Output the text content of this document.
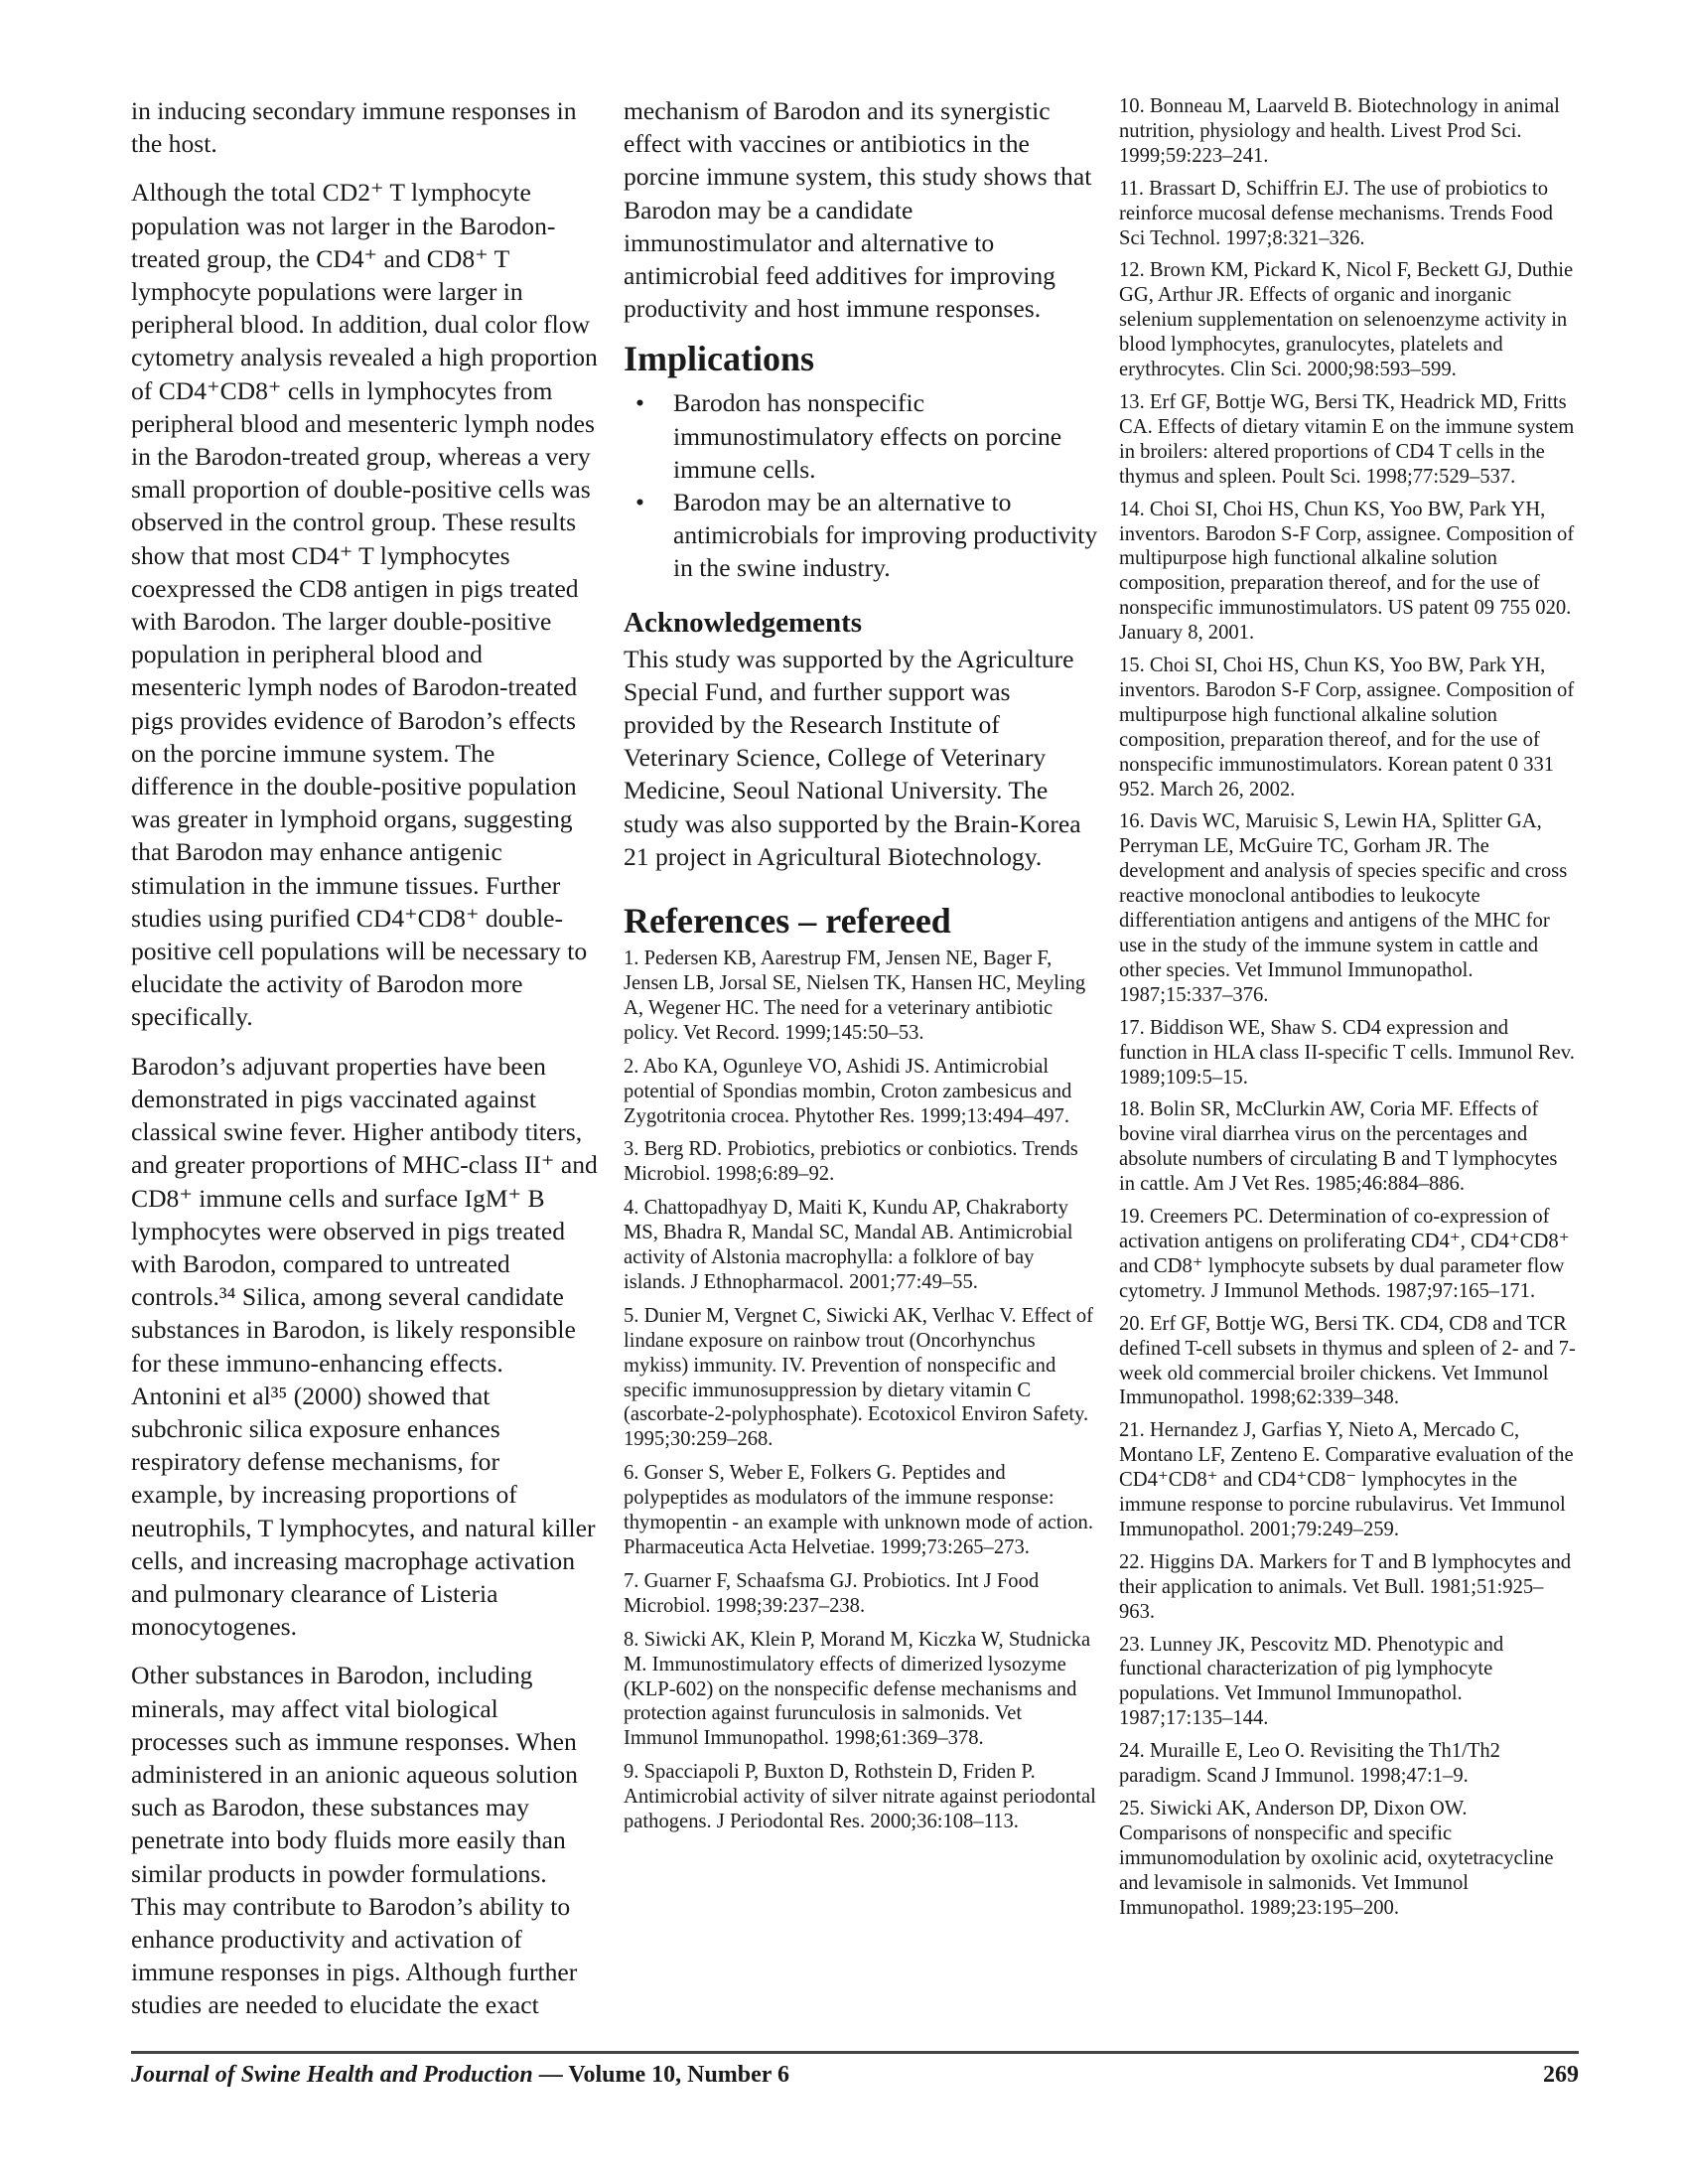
in inducing secondary immune responses in the host.

Although the total CD2⁺ T lymphocyte population was not larger in the Barodon-treated group, the CD4⁺ and CD8⁺ T lymphocyte populations were larger in peripheral blood. In addition, dual color flow cytometry analysis revealed a high proportion of CD4⁺CD8⁺ cells in lymphocytes from peripheral blood and mesenteric lymph nodes in the Barodon-treated group, whereas a very small proportion of double-positive cells was observed in the control group. These results show that most CD4⁺ T lymphocytes coexpressed the CD8 antigen in pigs treated with Barodon. The larger double-positive population in peripheral blood and mesenteric lymph nodes of Barodon-treated pigs provides evidence of Barodon’s effects on the porcine immune system. The difference in the double-positive population was greater in lymphoid organs, suggesting that Barodon may enhance antigenic stimulation in the immune tissues. Further studies using purified CD4⁺CD8⁺ double-positive cell populations will be necessary to elucidate the activity of Barodon more specifically.

Barodon’s adjuvant properties have been demonstrated in pigs vaccinated against classical swine fever. Higher antibody titers, and greater proportions of MHC-class II⁺ and CD8⁺ immune cells and surface IgM⁺ B lymphocytes were observed in pigs treated with Barodon, compared to untreated controls.³⁴ Silica, among several candidate substances in Barodon, is likely responsible for these immuno-enhancing effects. Antonini et al³⁵ (2000) showed that subchronic silica exposure enhances respiratory defense mechanisms, for example, by increasing proportions of neutrophils, T lymphocytes, and natural killer cells, and increasing macrophage activation and pulmonary clearance of Listeria monocytogenes.

Other substances in Barodon, including minerals, may affect vital biological processes such as immune responses. When administered in an anionic aqueous solution such as Barodon, these substances may penetrate into body fluids more easily than similar products in powder formulations. This may contribute to Barodon’s ability to enhance productivity and activation of immune responses in pigs. Although further studies are needed to elucidate the exact

mechanism of Barodon and its synergistic effect with vaccines or antibiotics in the porcine immune system, this study shows that Barodon may be a candidate immunostimulator and alternative to antimicrobial feed additives for improving productivity and host immune responses.

Implications
• Barodon has nonspecific immunostimulatory effects on porcine immune cells.
• Barodon may be an alternative to antimicrobials for improving productivity in the swine industry.
Acknowledgements

This study was supported by the Agriculture Special Fund, and further support was provided by the Research Institute of Veterinary Science, College of Veterinary Medicine, Seoul National University. The study was also supported by the Brain-Korea 21 project in Agricultural Biotechnology.

References – refereed

1. Pedersen KB, Aarestrup FM, Jensen NE, Bager F, Jensen LB, Jorsal SE, Nielsen TK, Hansen HC, Meyling A, Wegener HC. The need for a veterinary antibiotic policy. Vet Record. 1999;145:50–53.

2. Abo KA, Ogunleye VO, Ashidi JS. Antimicrobial potential of Spondias mombin, Croton zambesicus and Zygotritonia crocea. Phytother Res. 1999;13:494–497.

3. Berg RD. Probiotics, prebiotics or conbiotics. Trends Microbiol. 1998;6:89–92.

4. Chattopadhyay D, Maiti K, Kundu AP, Chakraborty MS, Bhadra R, Mandal SC, Mandal AB. Antimicrobial activity of Alstonia macrophylla: a folklore of bay islands. J Ethnopharmacol. 2001;77:49–55.

5. Dunier M, Vergnet C, Siwicki AK, Verlhac V. Effect of lindane exposure on rainbow trout (Oncorhynchus mykiss) immunity. IV. Prevention of nonspecific and specific immunosuppression by dietary vitamin C (ascorbate-2-polyphosphate). Ecotoxicol Environ Safety. 1995;30:259–268.

6. Gonser S, Weber E, Folkers G. Peptides and polypeptides as modulators of the immune response: thymopentin - an example with unknown mode of action. Pharmaceutica Acta Helvetiae. 1999;73:265–273.

7. Guarner F, Schaafsma GJ. Probiotics. Int J Food Microbiol. 1998;39:237–238.

8. Siwicki AK, Klein P, Morand M, Kiczka W, Studnicka M. Immunostimulatory effects of dimerized lysozyme (KLP-602) on the nonspecific defense mechanisms and protection against furunculosis in salmonids. Vet Immunol Immunopathol. 1998;61:369–378.

9. Spacciapoli P, Buxton D, Rothstein D, Friden P. Antimicrobial activity of silver nitrate against periodontal pathogens. J Periodontal Res. 2000;36:108–113.

10. Bonneau M, Laarveld B. Biotechnology in animal nutrition, physiology and health. Livest Prod Sci. 1999;59:223–241.

11. Brassart D, Schiffrin EJ. The use of probiotics to reinforce mucosal defense mechanisms. Trends Food Sci Technol. 1997;8:321–326.

12. Brown KM, Pickard K, Nicol F, Beckett GJ, Duthie GG, Arthur JR. Effects of organic and inorganic selenium supplementation on selenoenzyme activity in blood lymphocytes, granulocytes, platelets and erythrocytes. Clin Sci. 2000;98:593–599.

13. Erf GF, Bottje WG, Bersi TK, Headrick MD, Fritts CA. Effects of dietary vitamin E on the immune system in broilers: altered proportions of CD4 T cells in the thymus and spleen. Poult Sci. 1998;77:529–537.

14. Choi SI, Choi HS, Chun KS, Yoo BW, Park YH, inventors. Barodon S-F Corp, assignee. Composition of multipurpose high functional alkaline solution composition, preparation thereof, and for the use of nonspecific immunostimulators. US patent 09 755 020. January 8, 2001.

15. Choi SI, Choi HS, Chun KS, Yoo BW, Park YH, inventors. Barodon S-F Corp, assignee. Composition of multipurpose high functional alkaline solution composition, preparation thereof, and for the use of nonspecific immunostimulators. Korean patent 0 331 952. March 26, 2002.

16. Davis WC, Maruisic S, Lewin HA, Splitter GA, Perryman LE, McGuire TC, Gorham JR. The development and analysis of species specific and cross reactive monoclonal antibodies to leukocyte differentiation antigens and antigens of the MHC for use in the study of the immune system in cattle and other species. Vet Immunol Immunopathol. 1987;15:337–376.

17. Biddison WE, Shaw S. CD4 expression and function in HLA class II-specific T cells. Immunol Rev. 1989;109:5–15.

18. Bolin SR, McClurkin AW, Coria MF. Effects of bovine viral diarrhea virus on the percentages and absolute numbers of circulating B and T lymphocytes in cattle. Am J Vet Res. 1985;46:884–886.

19. Creemers PC. Determination of co-expression of activation antigens on proliferating CD4⁺, CD4⁺CD8⁺ and CD8⁺ lymphocyte subsets by dual parameter flow cytometry. J Immunol Methods. 1987;97:165–171.

20. Erf GF, Bottje WG, Bersi TK. CD4, CD8 and TCR defined T-cell subsets in thymus and spleen of 2- and 7-week old commercial broiler chickens. Vet Immunol Immunopathol. 1998;62:339–348.

21. Hernandez J, Garfias Y, Nieto A, Mercado C, Montano LF, Zenteno E. Comparative evaluation of the CD4⁺CD8⁺ and CD4⁺CD8⁻ lymphocytes in the immune response to porcine rubulavirus. Vet Immunol Immunopathol. 2001;79:249–259.

22. Higgins DA. Markers for T and B lymphocytes and their application to animals. Vet Bull. 1981;51:925–963.

23. Lunney JK, Pescovitz MD. Phenotypic and functional characterization of pig lymphocyte populations. Vet Immunol Immunopathol. 1987;17:135–144.

24. Muraille E, Leo O. Revisiting the Th1/Th2 paradigm. Scand J Immunol. 1998;47:1–9.

25. Siwicki AK, Anderson DP, Dixon OW. Comparisons of nonspecific and specific immunomodulation by oxolinic acid, oxytetracycline and levamisole in salmonids. Vet Immunol Immunopathol. 1989;23:195–200.

Journal of Swine Health and Production — Volume 10, Number 6	269
